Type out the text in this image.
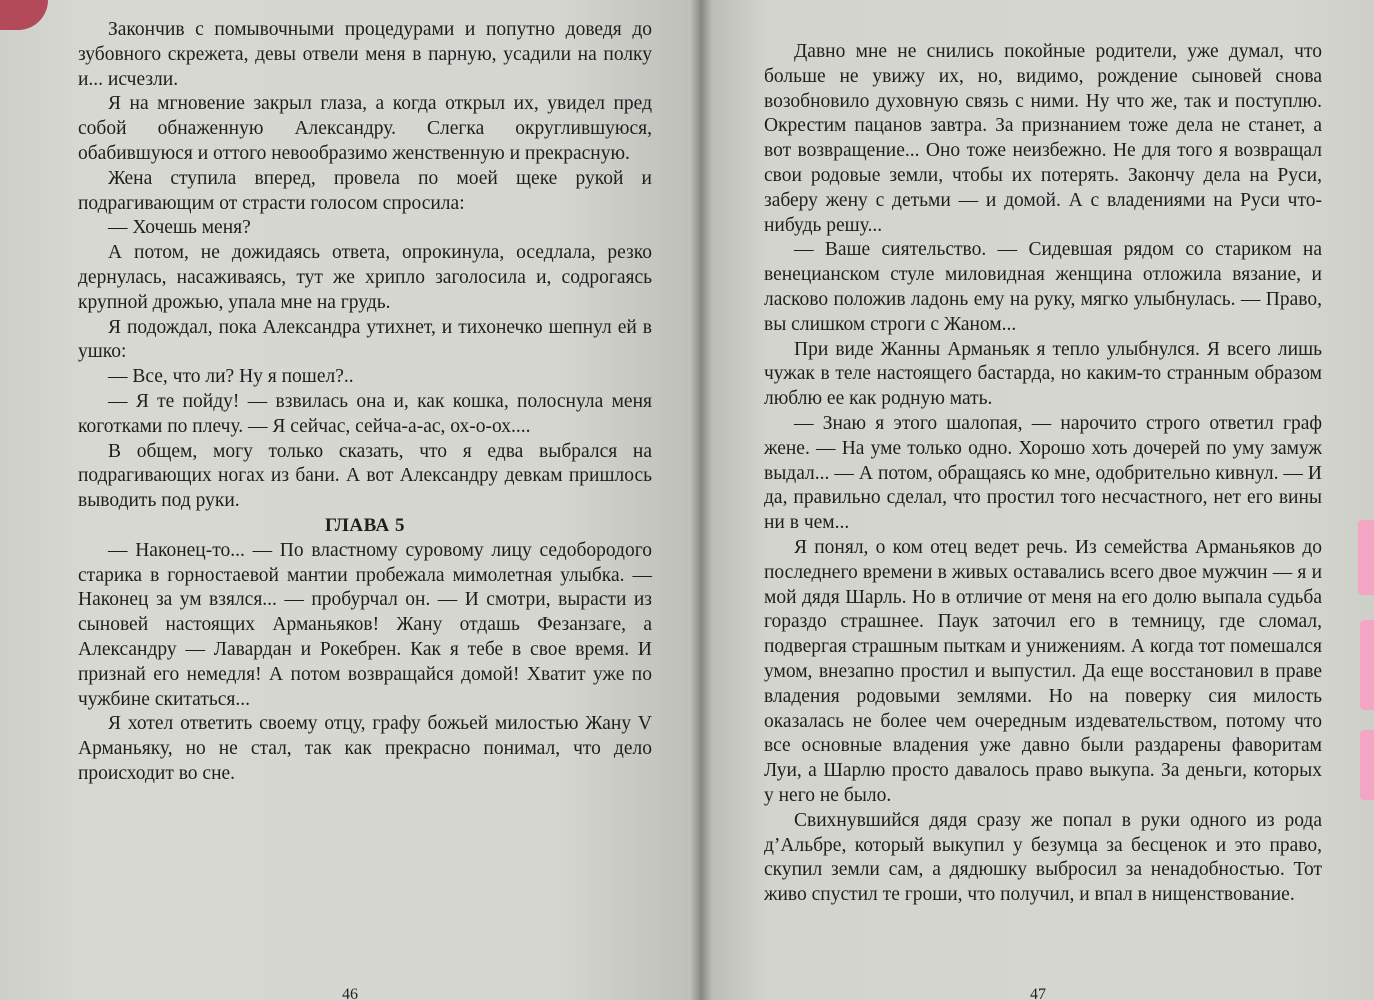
Закончив с помывочными процедурами и попутно доведя до зубовного скрежета, девы отвели меня в парную, усадили на полку и... исчезли.

Я на мгновение закрыл глаза, а когда открыл их, увидел пред собой обнаженную Александру. Слегка округлившуюся, обабившуюся и оттого невообразимо женственную и прекрасную.

Жена ступила вперед, провела по моей щеке рукой и подрагивающим от страсти голосом спросила:

— Хочешь меня?

А потом, не дожидаясь ответа, опрокинула, оседлала, резко дернулась, насаживаясь, тут же хрипло заголосила и, содрогаясь крупной дрожью, упала мне на грудь.

Я подождал, пока Александра утихнет, и тихонечко шепнул ей в ушко:

— Все, что ли? Ну я пошел?..

— Я те пойду! — взвилась она и, как кошка, полоснула меня коготками по плечу. — Я сейчас, сейча-а-ас, ох-о-ох....

В общем, могу только сказать, что я едва выбрался на подрагивающих ногах из бани. А вот Александру девкам пришлось выводить под руки.

ГЛАВА 5

— Наконец-то... — По властному суровому лицу седобородого старика в горностаевой мантии пробежала мимолетная улыбка. — Наконец за ум взялся... — пробурчал он. — И смотри, вырасти из сыновей настоящих Арманьяков! Жану отдашь Фезанзаге, а Александру — Лавардан и Рокебрен. Как я тебе в свое время. И признай его немедля! А потом возвращайся домой! Хватит уже по чужбине скитаться...

Я хотел ответить своему отцу, графу божьей милостью Жану V Арманьяку, но не стал, так как прекрасно понимал, что дело происходит во сне.

46

Давно мне не снились покойные родители, уже думал, что больше не увижу их, но, видимо, рождение сыновей снова возобновило духовную связь с ними. Ну что же, так и поступлю. Окрестим пацанов завтра. За признанием тоже дела не станет, а вот возвращение... Оно тоже неизбежно. Не для того я возвращал свои родовые земли, чтобы их потерять. Закончу дела на Руси, заберу жену с детьми — и домой. А с владениями на Руси что-нибудь решу...

— Ваше сиятельство. — Сидевшая рядом со стариком на венецианском стуле миловидная женщина отложила вязание, и ласково положив ладонь ему на руку, мягко улыбнулась. — Право, вы слишком строги с Жаном...

При виде Жанны Арманьяк я тепло улыбнулся. Я всего лишь чужак в теле настоящего бастарда, но каким-то странным образом люблю ее как родную мать.

— Знаю я этого шалопая, — нарочито строго ответил граф жене. — На уме только одно. Хорошо хоть дочерей по уму замуж выдал... — А потом, обращаясь ко мне, одобрительно кивнул. — И да, правильно сделал, что простил того несчастного, нет его вины ни в чем...

Я понял, о ком отец ведет речь. Из семейства Арманьяков до последнего времени в живых оставались всего двое мужчин — я и мой дядя Шарль. Но в отличие от меня на его долю выпала судьба гораздо страшнее. Паук заточил его в темницу, где сломал, подвергая страшным пыткам и унижениям. А когда тот помешался умом, внезапно простил и выпустил. Да еще восстановил в праве владения родовыми землями. Но на поверку сия милость оказалась не более чем очередным издевательством, потому что все основные владения уже давно были раздарены фаворитам Луи, а Шарлю просто давалось право выкупа. За деньги, которых у него не было.

Свихнувшийся дядя сразу же попал в руки одного из рода д’Альбре, который выкупил у безумца за бесценок и это право, скупил земли сам, а дядюшку выбросил за ненадобностью. Тот живо спустил те гроши, что получил, и впал в нищенствование.

47
